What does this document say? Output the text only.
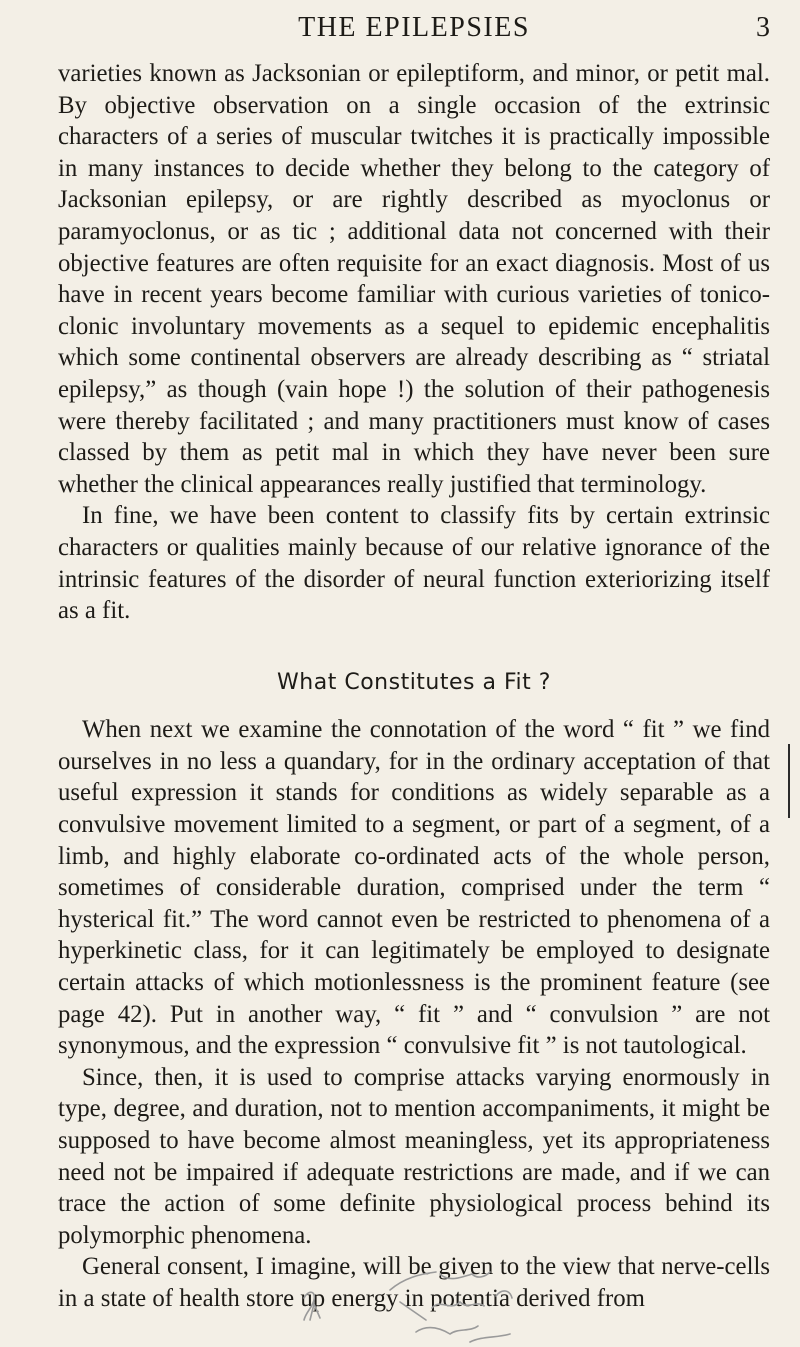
THE EPILEPSIES	3

varieties known as Jacksonian or epileptiform, and minor, or petit mal. By objective observation on a single occasion of the extrinsic characters of a series of muscular twitches it is practically impossible in many instances to decide whether they belong to the category of Jacksonian epilepsy, or are rightly described as myoclonus or paramyoclonus, or as tic ; additional data not concerned with their objective features are often requisite for an exact diagnosis. Most of us have in recent years become familiar with curious varieties of tonico-clonic involuntary movements as a sequel to epidemic encephalitis which some continental observers are already describing as “ striatal epilepsy,” as though (vain hope !) the solution of their pathogenesis were thereby facilitated ; and many practitioners must know of cases classed by them as petit mal in which they have never been sure whether the clinical appearances really justified that terminology.

In fine, we have been content to classify fits by certain extrinsic characters or qualities mainly because of our relative ignorance of the intrinsic features of the disorder of neural function exteriorizing itself as a fit.

What Constitutes a Fit ?

When next we examine the connotation of the word “ fit ” we find ourselves in no less a quandary, for in the ordinary acceptation of that useful expression it stands for conditions as widely separable as a convulsive movement limited to a segment, or part of a segment, of a limb, and highly elaborate co-ordinated acts of the whole person, sometimes of considerable duration, comprised under the term “ hysterical fit.” The word cannot even be restricted to phenomena of a hyperkinetic class, for it can legitimately be employed to designate certain attacks of which motionlessness is the prominent feature (see page 42). Put in another way, “ fit ” and “ convulsion ” are not synonymous, and the expression “ convulsive fit ” is not tautological.

Since, then, it is used to comprise attacks varying enormously in type, degree, and duration, not to mention accompaniments, it might be supposed to have become almost meaningless, yet its appropriateness need not be impaired if adequate restrictions are made, and if we can trace the action of some definite physiological process behind its polymorphic phenomena.

General consent, I imagine, will be given to the view that nerve-cells in a state of health store up energy in potentia derived from
